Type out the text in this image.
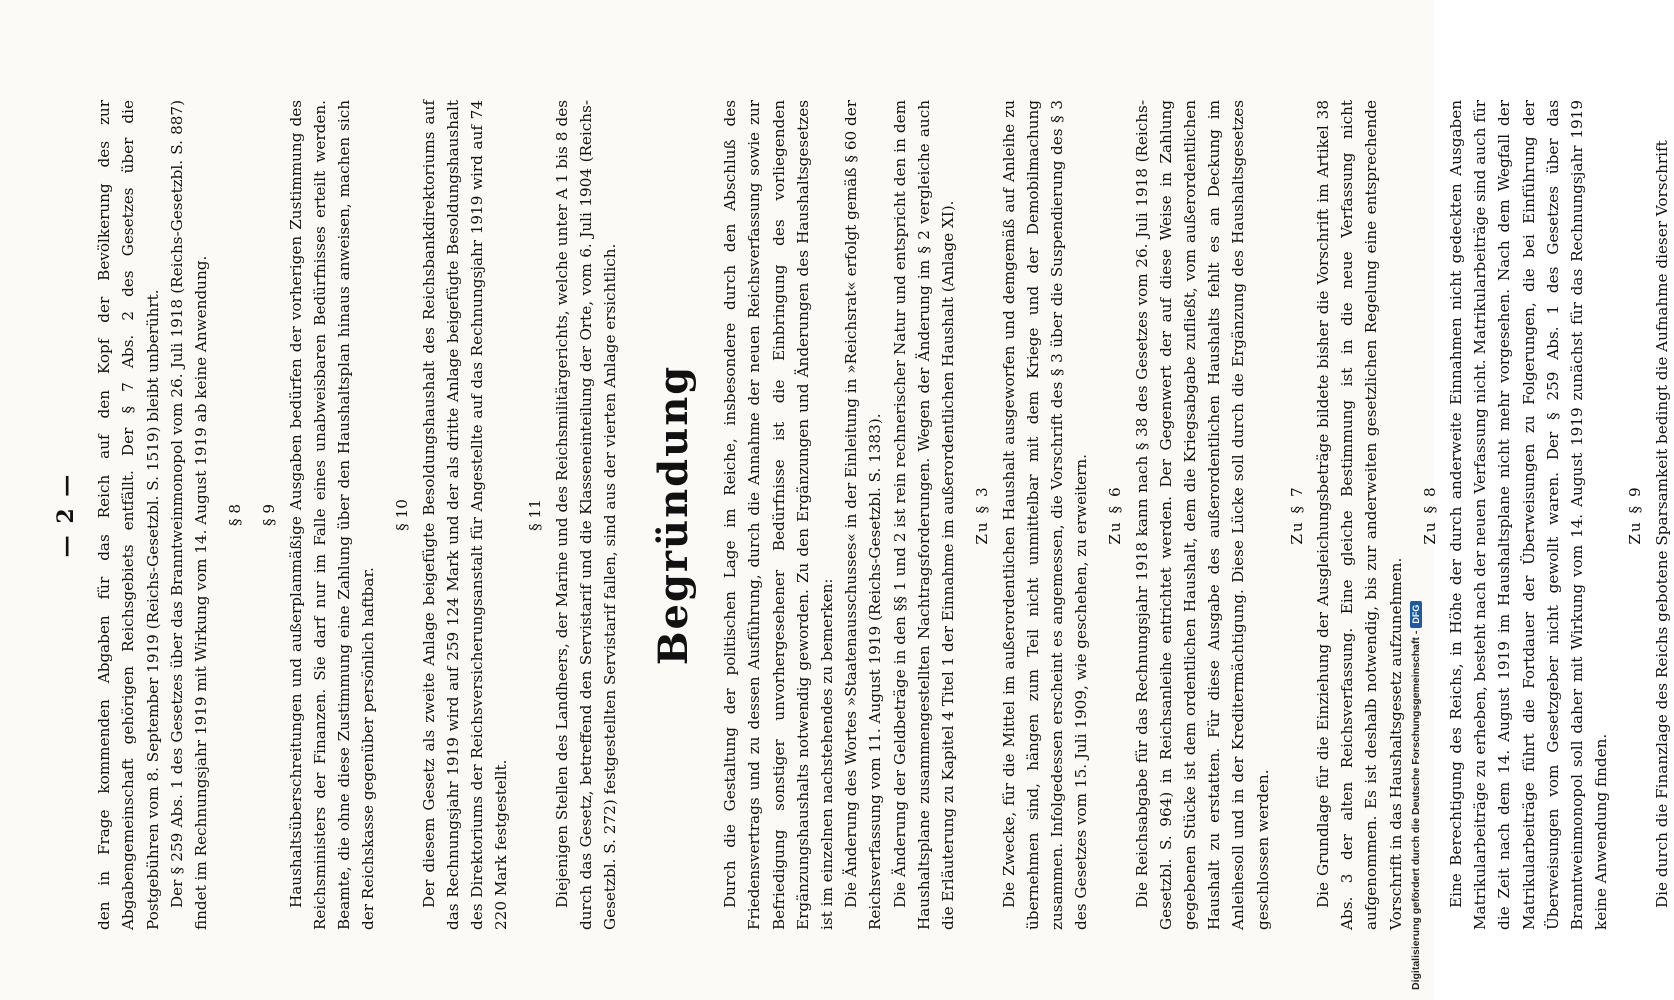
— 2 — den in Frage kommenden Abgaben für das Reich auf den Kopf der Bevölkerung des zur Abgabengemeinschaft gehörigen Reichsgebiets entfällt. Der § 7 Abs. 2 des Gesetzes über die Postgebühren vom 8. September 1919 (Reichs-Gesetzbl. S. 1519) bleibt unberührt. Der § 259 Abs. 1 des Gesetzes über das Branntweinmonopol vom 26. Juli 1918 (Reichs-Gesetzbl. S. 887) findet im Rechnungsjahr 1919 mit Wirkung vom 14. August 1919 ab keine Anwendung. § 8 § 9 Haushaltsüberschreitungen und außerplanmäßige Ausgaben bedürfen der vorherigen Zustimmung des Reichsministers der Finanzen. Sie darf nur im Falle eines unabweisbaren Bedürfnisses erteilt werden. Beamte, die ohne diese Zustimmung eine Zahlung über den Haushaltsplan hinaus anweisen, machen sich der Reichskasse gegenüber persönlich haftbar.

§ 10 Der diesem Gesetz als zweite Anlage beigefügte Besoldungshaushalt des Reichsbankdirektoriums auf das Rechnungsjahr 1919 wird auf 259 124 Mark und der als dritte Anlage beigefügte Besoldungshaushalt des Direktoriums der Reichsversicherungsanstalt für Angestellte auf das Rechnungsjahr 1919 wird auf 74 220 Mark festgestellt.

§ 11 Diejenigen Stellen des Landheers, der Marine und des Reichsmilitärgerichts, welche unter A 1 bis 8 des durch das Gesetz, betreffend den Servistarif und die Klasseneinteilung der Orte, vom 6. Juli 1904 (Reichs-Gesetzbl. S. 272) festgestellten Servistarif fallen, sind aus der vierten Anlage ersichtlich. Begründung Durch die Gestaltung der politischen Lage im Reiche, insbesondere durch den Abschluß des Friedensvertrags und zu dessen Ausführung, durch die Annahme der neuen Reichsverfassung sowie zur Befriedigung sonstiger unvorhergesehener Bedürfnisse ist die Einbringung des vorliegenden Ergänzungshaushalts notwendig geworden. Zu den Ergänzungen und Änderungen des Haushaltsgesetzes ist im einzelnen nachstehendes zu bemerken: Die Änderung des Wortes »Staatenausschusses« in der Einleitung in »Reichsrat« erfolgt gemäß § 60 der Reichsverfassung vom 11. August 1919 (Reichs-Gesetzbl. S. 1383). Die Änderung der Geldbeträge in den §§ 1 und 2 ist rein rechnerischer Natur und entspricht den in dem Haushaltsplane zusammengestellten Nachtragsforderungen. Wegen der Änderung im § 2 vergleiche auch die Erläuterung zu Kapitel 4 Titel 1 der Einnahme im außerordentlichen Haushalt (Anlage XI). Zu § 3 Die Zwecke, für die Mittel im außerordentlichen Haushalt ausgeworfen und demgemäß auf Anleihe zu übernehmen sind, hängen zum Teil nicht unmittelbar mit dem Kriege und der Demobilmachung zusammen. Infolgedessen erscheint es angemessen, die Vorschrift des § 3 über die Suspendierung des § 3 des Gesetzes vom 15. Juli 1909, wie geschehen, zu erweitern. Zu § 6 Die Reichsabgabe für das Rechnungsjahr 1918 kann nach § 38 des Gesetzes vom 26. Juli 1918 (Reichs-Gesetzbl. S. 964) in Reichsanleihe entrichtet werden. Der Gegenwert der auf diese Weise in Zahlung gegebenen Stücke ist dem ordentlichen Haushalt, dem die Kriegsabgabe zufließt, vom außerordentlichen Haushalt zu erstatten. Für diese Ausgabe des außerordentlichen Haushalts fehlt es an Deckung im Anleihesoll und in der Kreditermächtigung. Diese Lücke soll durch die Ergänzung des Haushaltsgesetzes geschlossen werden.

Zu § 7 Die Grundlage für die Einziehung der Ausgleichungsbeträge bildete bisher die Vorschrift im Artikel 38 Abs. 3 der alten Reichsverfassung. Eine gleiche Bestimmung ist in die neue Verfassung nicht aufgenommen. Es ist deshalb notwendig, bis zur anderweiten gesetzlichen Regelung eine entsprechende Vorschrift in das Haushaltsgesetz aufzunehmen.

Zu § 8 Eine Berechtigung des Reichs, in Höhe der durch anderweite Einnahmen nicht gedeckten Ausgaben Matrikularbeiträge zu erheben, besteht nach der neuen Verfassung nicht. Matrikularbeiträge sind auch für die Zeit nach dem 14. August 1919 im Haushaltsplane nicht mehr vorgesehen. Nach dem Wegfall der Matrikularbeiträge führt die Fortdauer der Überweisungen zu Folgerungen, die bei Einführung der Überweisungen vom Gesetzgeber nicht gewollt waren. Der § 259 Abs. 1 des Gesetzes über das Branntweinmonopol soll daher mit Wirkung vom 14. August 1919 zunächst für das Rechnungsjahr 1919 keine Anwendung finden.

Zu § 9 Die durch die Finanzlage des Reichs gebotene Sparsamkeit bedingt die Aufnahme dieser Vorschrift

Digitalisierung gefördert durch die Deutsche Forschungsgemeinschaft -DFG
